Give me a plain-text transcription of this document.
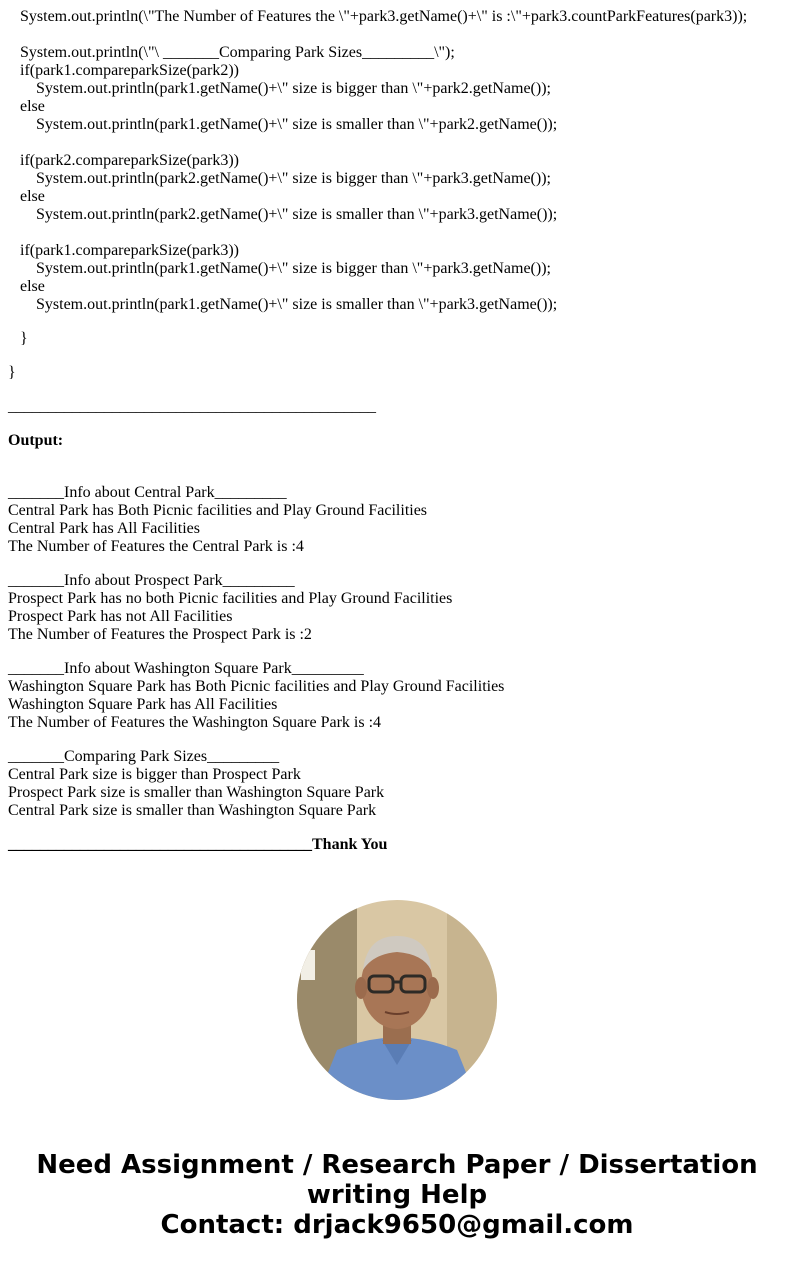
System.out.println(\"The Number of Features the \"+park3.getName()+\" is :\"+park3.countParkFeatures(park3));
System.out.println(\"\ _______Comparing Park Sizes_________\");
if(park1.compareparkSize(park2))
System.out.println(park1.getName()+\" size is bigger than \"+park2.getName());
else
System.out.println(park1.getName()+\" size is smaller than \"+park2.getName());
if(park2.compareparkSize(park3))
System.out.println(park2.getName()+\" size is bigger than \"+park3.getName());
else
System.out.println(park2.getName()+\" size is smaller than \"+park3.getName());
if(park1.compareparkSize(park3))
System.out.println(park1.getName()+\" size is bigger than \"+park3.getName());
else
System.out.println(park1.getName()+\" size is smaller than \"+park3.getName());
}
}
______________________________________________
Output:
_______Info about Central Park_________
Central Park has Both Picnic facilities and Play Ground Facilities
Central Park has All Facilities
The Number of Features the Central Park is :4
_______Info about Prospect Park_________
Prospect Park has no both Picnic facilities and Play Ground Facilities
Prospect Park has not All Facilities
The Number of Features the Prospect Park is :2
_______Info about Washington Square Park_________
Washington Square Park has Both Picnic facilities and Play Ground Facilities
Washington Square Park has All Facilities
The Number of Features the Washington Square Park is :4
_______Comparing Park Sizes_________
Central Park size is bigger than Prospect Park
Prospect Park size is smaller than Washington Square Park
Central Park size is smaller than Washington Square Park
______________________________________Thank You
Need Assignment / Research Paper / Dissertation
writing Help
Contact: drjack9650@gmail.com
